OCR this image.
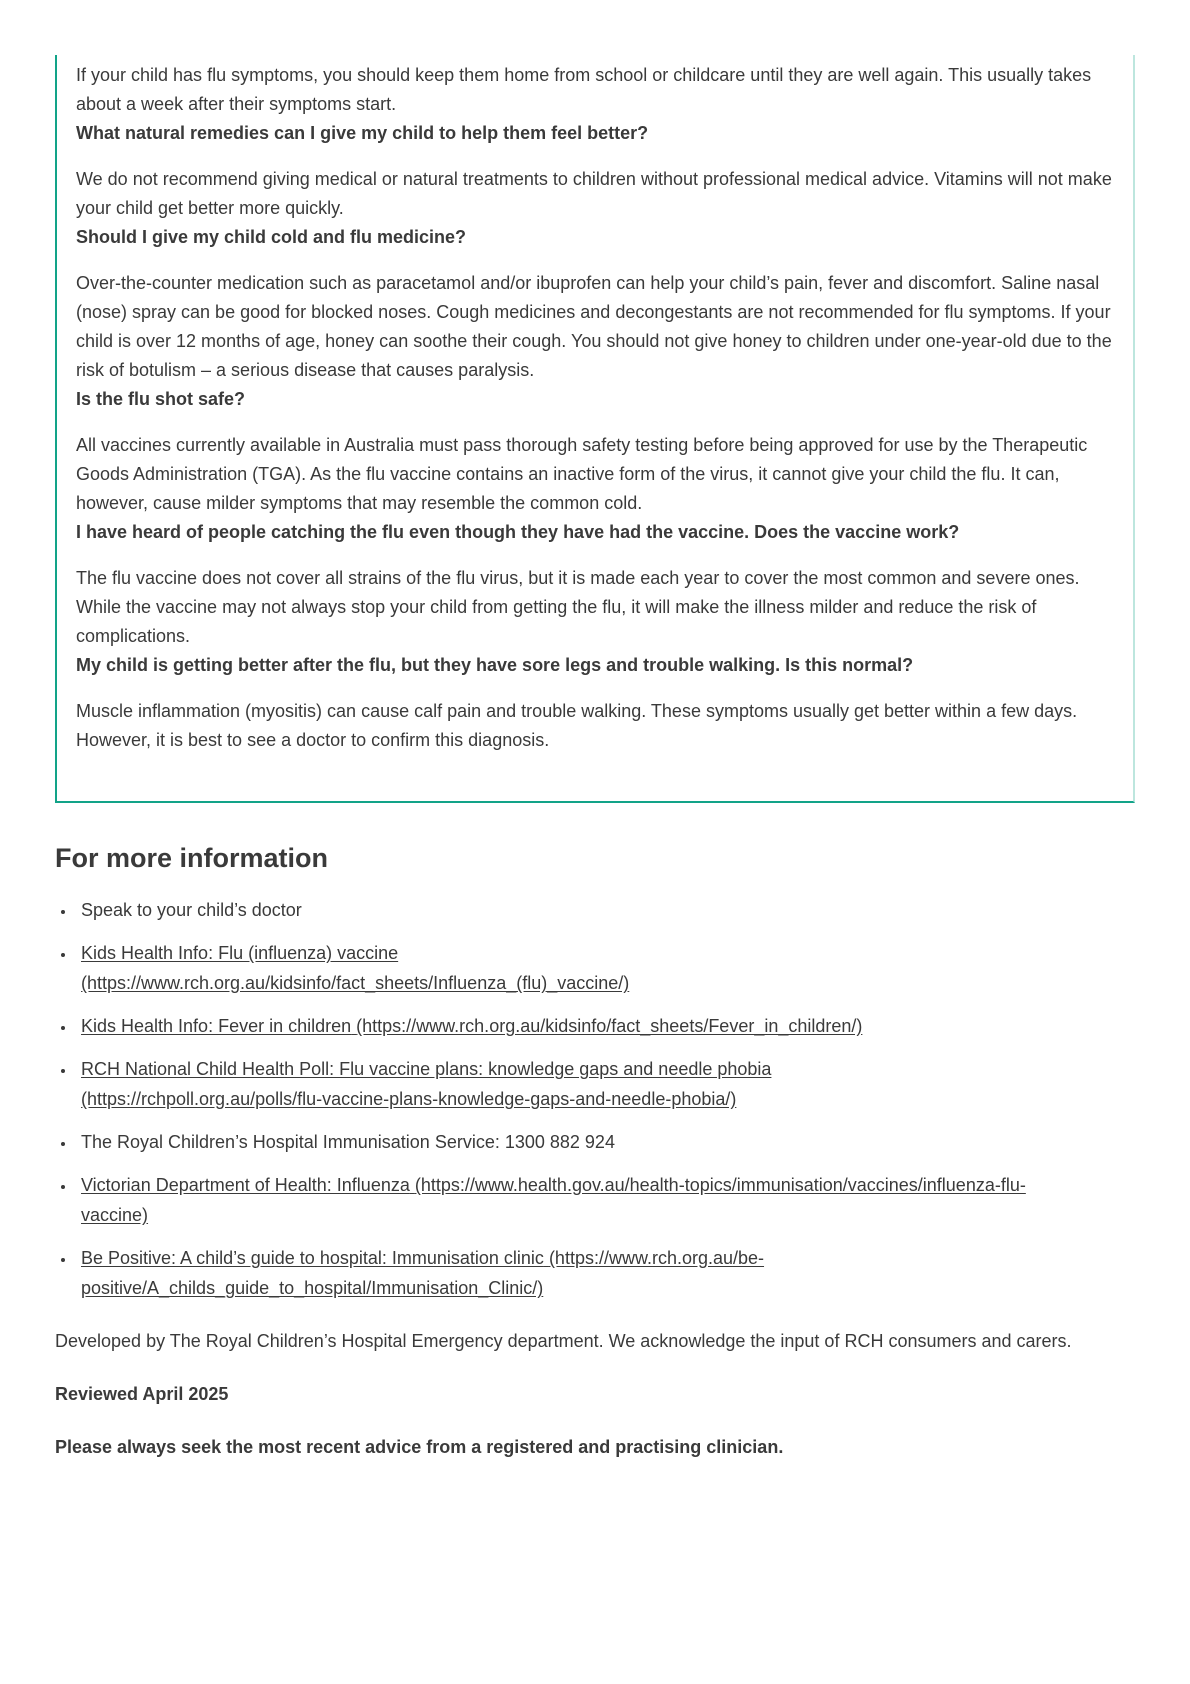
If your child has flu symptoms, you should keep them home from school or childcare until they are well again. This usually takes about a week after their symptoms start.

What natural remedies can I give my child to help them feel better?

We do not recommend giving medical or natural treatments to children without professional medical advice. Vitamins will not make your child get better more quickly.

Should I give my child cold and flu medicine?

Over-the-counter medication such as paracetamol and/or ibuprofen can help your child’s pain, fever and discomfort. Saline nasal (nose) spray can be good for blocked noses. Cough medicines and decongestants are not recommended for flu symptoms. If your child is over 12 months of age, honey can soothe their cough. You should not give honey to children under one-year-old due to the risk of botulism – a serious disease that causes paralysis.

Is the flu shot safe?

All vaccines currently available in Australia must pass thorough safety testing before being approved for use by the Therapeutic Goods Administration (TGA). As the flu vaccine contains an inactive form of the virus, it cannot give your child the flu. It can, however, cause milder symptoms that may resemble the common cold.

I have heard of people catching the flu even though they have had the vaccine. Does the vaccine work?

The flu vaccine does not cover all strains of the flu virus, but it is made each year to cover the most common and severe ones. While the vaccine may not always stop your child from getting the flu, it will make the illness milder and reduce the risk of complications.

My child is getting better after the flu, but they have sore legs and trouble walking. Is this normal?

Muscle inflammation (myositis) can cause calf pain and trouble walking. These symptoms usually get better within a few days. However, it is best to see a doctor to confirm this diagnosis.

For more information
• Speak to your child’s doctor
• Kids Health Info: Flu (influenza) vaccine
(https://www.rch.org.au/kidsinfo/fact_sheets/Influenza_(flu)_vaccine/)
• Kids Health Info: Fever in children (https://www.rch.org.au/kidsinfo/fact_sheets/Fever_in_children/)
• RCH National Child Health Poll: Flu vaccine plans: knowledge gaps and needle phobia
(https://rchpoll.org.au/polls/flu-vaccine-plans-knowledge-gaps-and-needle-phobia/)
• The Royal Children’s Hospital Immunisation Service: 1300 882 924
• Victorian Department of Health: Influenza (https://www.health.gov.au/health-topics/immunisation/vaccines/influenza-flu-vaccine)
• Be Positive: A child’s guide to hospital: Immunisation clinic (https://www.rch.org.au/be-positive/A_childs_guide_to_hospital/Immunisation_Clinic/)

Developed by The Royal Children’s Hospital Emergency department. We acknowledge the input of RCH consumers and carers.

Reviewed April 2025

Please always seek the most recent advice from a registered and practising clinician.
